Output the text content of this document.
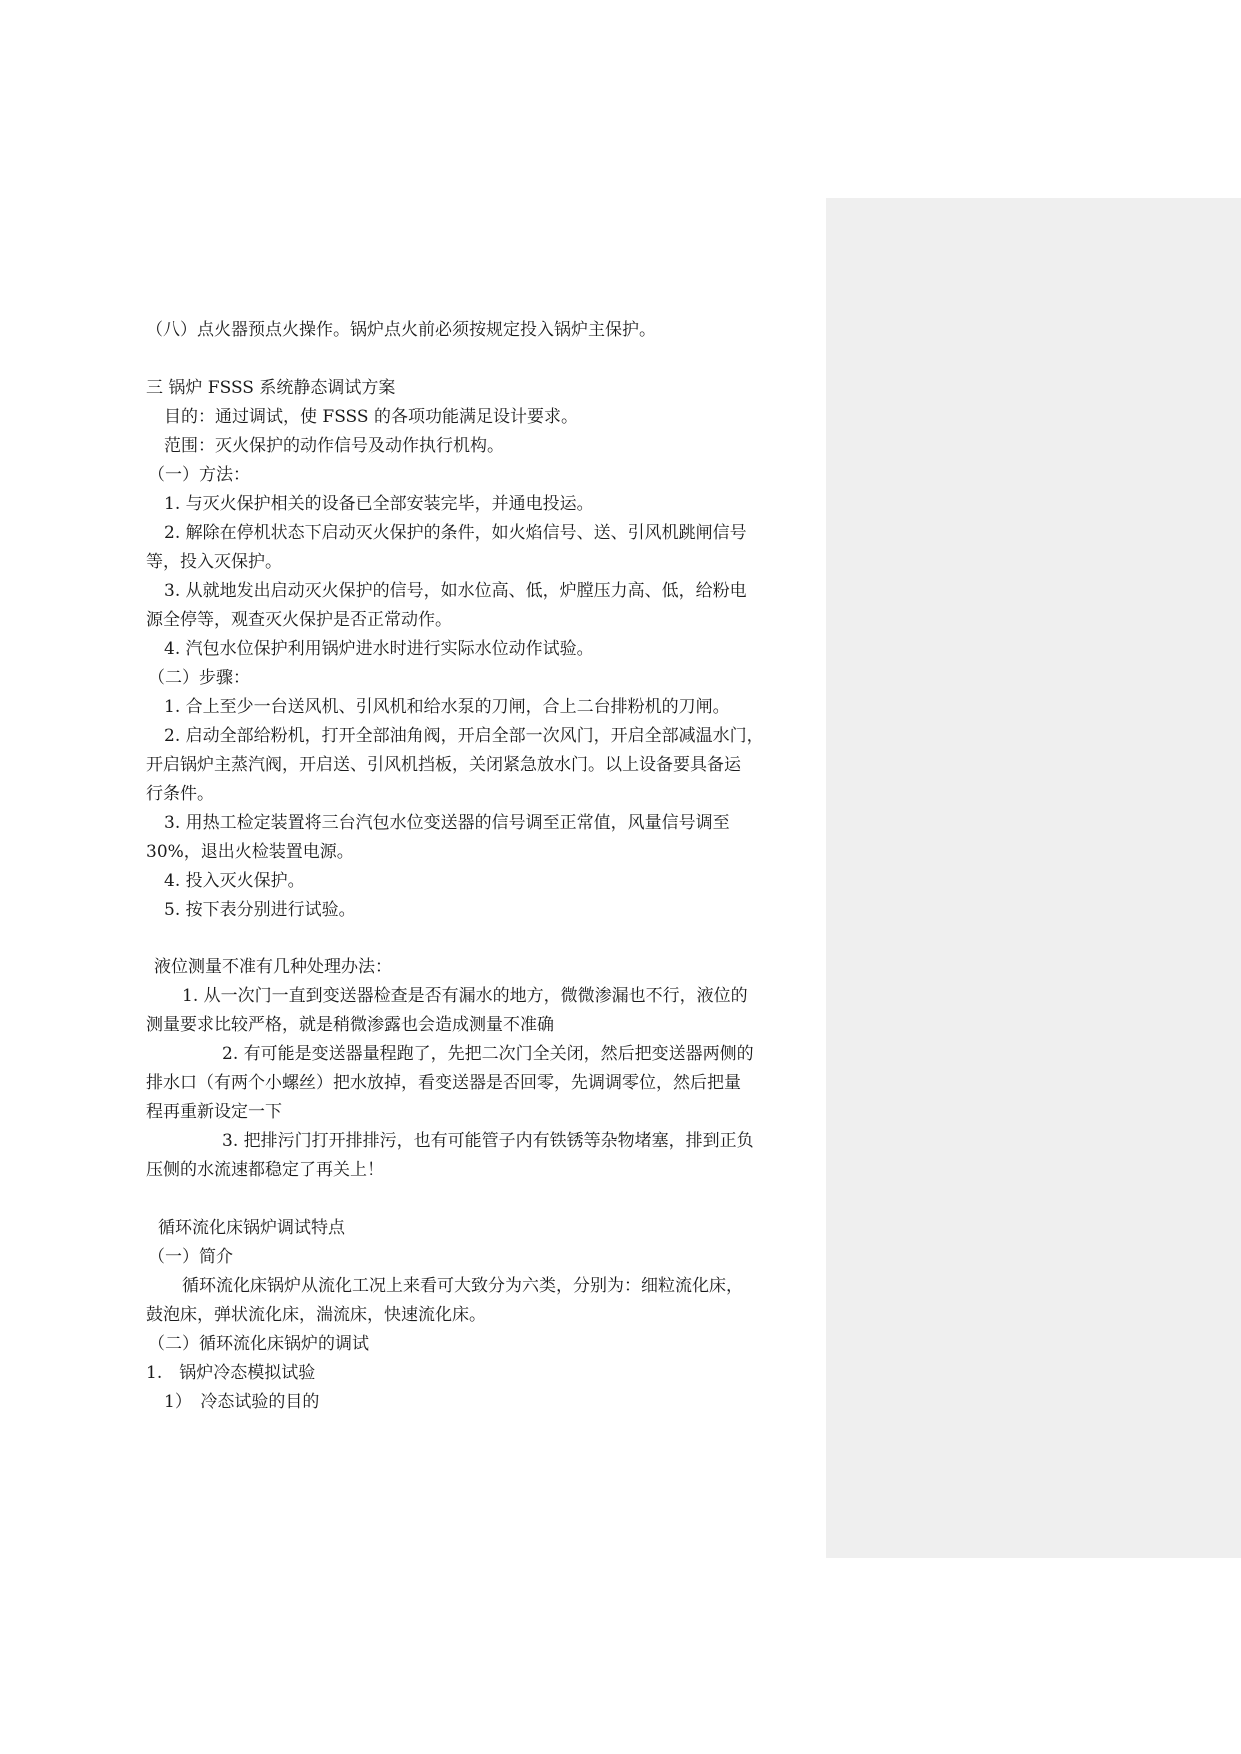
（八）点火器预点火操作。锅炉点火前必须按规定投入锅炉主保护。
三 锅炉 FSSS 系统静态调试方案
目的：通过调试，使 FSSS 的各项功能满足设计要求。
范围：灭火保护的动作信号及动作执行机构。
（一）方法：
1. 与灭火保护相关的设备已全部安装完毕，并通电投运。
2. 解除在停机状态下启动灭火保护的条件，如火焰信号、送、引风机跳闸信号
等，投入灭保护。
3. 从就地发出启动灭火保护的信号，如水位高、低，炉膛压力高、低，给粉电
源全停等，观查灭火保护是否正常动作。
4. 汽包水位保护利用锅炉进水时进行实际水位动作试验。
（二）步骤：
1. 合上至少一台送风机、引风机和给水泵的刀闸，合上二台排粉机的刀闸。
2. 启动全部给粉机，打开全部油角阀，开启全部一次风门，开启全部减温水门，
开启锅炉主蒸汽阀，开启送、引风机挡板，关闭紧急放水门。以上设备要具备运
行条件。
3. 用热工检定装置将三台汽包水位变送器的信号调至正常值，风量信号调至
30%，退出火检装置电源。
4. 投入灭火保护。
5. 按下表分别进行试验。
液位测量不准有几种处理办法：
1. 从一次门一直到变送器检查是否有漏水的地方，微微渗漏也不行，液位的
测量要求比较严格，就是稍微渗露也会造成测量不准确
2. 有可能是变送器量程跑了，先把二次门全关闭，然后把变送器两侧的
排水口（有两个小螺丝）把水放掉，看变送器是否回零，先调调零位，然后把量
程再重新设定一下
3. 把排污门打开排排污，也有可能管子内有铁锈等杂物堵塞，排到正负
压侧的水流速都稳定了再关上！
循环流化床锅炉调试特点
（一）简介
循环流化床锅炉从流化工况上来看可大致分为六类，分别为：细粒流化床，
鼓泡床，弹状流化床，湍流床，快速流化床。
（二）循环流化床锅炉的调试
1.　锅炉冷态模拟试验
1）　冷态试验的目的
